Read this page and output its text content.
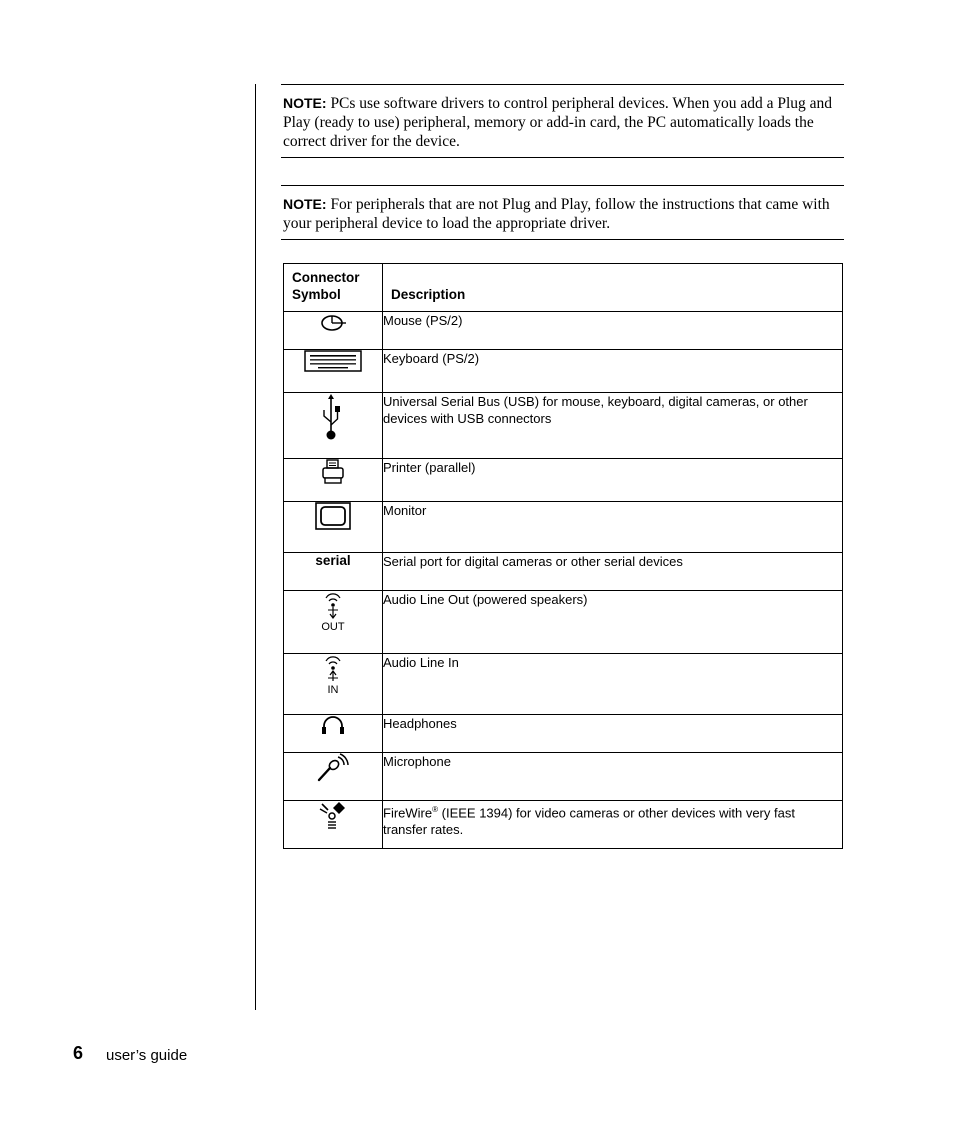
NOTE: PCs use software drivers to control peripheral devices. When you add a Plug and Play (ready to use) peripheral, memory or add-in card, the PC automatically loads the correct driver for the device.
NOTE: For peripherals that are not Plug and Play, follow the instructions that came with your peripheral device to load the appropriate driver.
Connector Symbol	Description
	Mouse (PS/2)
	Keyboard (PS/2)
	Universal Serial Bus (USB) for mouse, keyboard, digital cameras, or other devices with USB connectors
	Printer (parallel)
	Monitor
serial	Serial port for digital cameras or other serial devices

OUT	Audio Line Out (powered speakers)

IN	Audio Line In
	Headphones
	Microphone
	FireWire® (IEEE 1394) for video cameras or other devices with very fast transfer rates.
6 user’s guide
